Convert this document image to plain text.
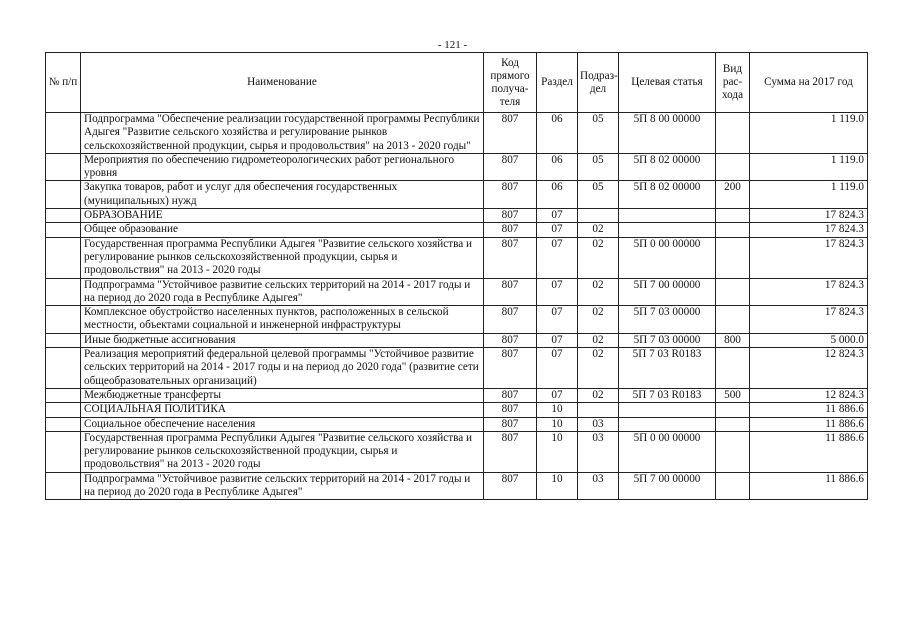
- 121 -
№ п/п	Наименование	Код прямого получа-теля	Раздел	Подраз-дел	Целевая статья	Вид рас-хода	Сумма на 2017 год
	Подпрограмма "Обеспечение реализации государственной программы Республики Адыгея "Развитие сельского хозяйства и регулирование рынков сельскохозяйственной продукции, сырья и продовольствия" на 2013 - 2020 годы"	807	06	05	5П 8 00 00000		1 119.0
	Мероприятия по обеспечению гидрометеорологических работ регионального уровня	807	06	05	5П 8 02 00000		1 119.0
	Закупка товаров, работ и услуг для обеспечения государственных (муниципальных) нужд	807	06	05	5П 8 02 00000	200	1 119.0
	ОБРАЗОВАНИЕ	807	07				17 824.3
	Общее образование	807	07	02			17 824.3
	Государственная программа Республики Адыгея "Развитие сельского хозяйства и регулирование рынков сельскохозяйственной продукции, сырья и продовольствия" на 2013 - 2020 годы	807	07	02	5П 0 00 00000		17 824.3
	Подпрограмма "Устойчивое развитие сельских территорий на 2014 - 2017 годы и на период до 2020 года в Республике Адыгея"	807	07	02	5П 7 00 00000		17 824.3
	Комплексное обустройство населенных пунктов, расположенных в сельской местности, объектами социальной и инженерной инфраструктуры	807	07	02	5П 7 03 00000		17 824.3
	Иные бюджетные ассигнования	807	07	02	5П 7 03 00000	800	5 000.0
	Реализация мероприятий федеральной целевой программы "Устойчивое развитие сельских территорий на 2014 - 2017 годы и на период до 2020 года" (развитие сети общеобразовательных организаций)	807	07	02	5П 7 03 R0183		12 824.3
	Межбюджетные трансферты	807	07	02	5П 7 03 R0183	500	12 824.3
	СОЦИАЛЬНАЯ ПОЛИТИКА	807	10				11 886.6
	Социальное обеспечение населения	807	10	03			11 886.6
	Государственная программа Республики Адыгея "Развитие сельского хозяйства и регулирование рынков сельскохозяйственной продукции, сырья и продовольствия" на 2013 - 2020 годы	807	10	03	5П 0 00 00000		11 886.6
	Подпрограмма "Устойчивое развитие сельских территорий на 2014 - 2017 годы и на период до 2020 года в Республике Адыгея"	807	10	03	5П 7 00 00000		11 886.6
